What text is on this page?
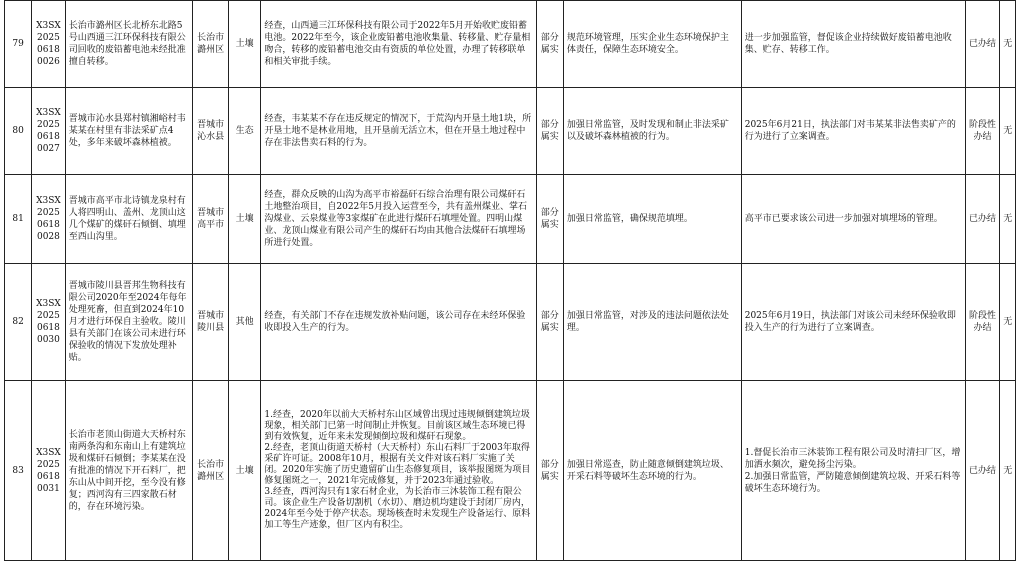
79	X3SX202506180026	长治市潞州区长北桥东北路5号山西通三江环保科技有限公司回收的废铅蓄电池未经批准擅自转移。	长治市潞州区	土壤	经查，山西通三江环保科技有限公司于2022年5月开始收贮废铅蓄电池。2022年至今，该企业废铅蓄电池收集量、转移量、贮存量相吻合，转移的废铅蓄电池交由有资质的单位处置，办理了转移联单和相关审批手续。	部分属实	规范环境管理，压实企业生态环境保护主体责任，保障生态环境安全。	进一步加强监管，督促该企业持续做好废铅蓄电池收集、贮存、转移工作。	已办结	无
80	X3SX202506180027	晋城市沁水县郑村镇湘峪村韦某某在村里有非法采矿点4处，多年来破坏森林植被。	晋城市沁水县	生态	经查，韦某某不存在违反规定的情况下，于荒沟内开垦土地1块，所开垦土地不是林业用地，且开垦前无活立木，但在开垦土地过程中存在非法售卖石料的行为。	部分属实	加强日常监管，及时发现和制止非法采矿以及破坏森林植被的行为。	2025年6月21日，执法部门对韦某某非法售卖矿产的行为进行了立案调查。	阶段性办结	无
81	X3SX202506180028	晋城市高平市北诗镇龙泉村有人将四明山、盖州、龙顶山这几个煤矿的煤矸石倾倒、填埋至西山沟里。	晋城市高平市	土壤	经查，群众反映的山沟为高平市裕磊矸石综合治理有限公司煤矸石土地整治项目，自2022年5月投入运营至今，共有盖州煤业、掌石沟煤业、云泉煤业等3家煤矿在此进行煤矸石填埋处置。四明山煤业、龙顶山煤业有限公司产生的煤矸石均由其他合法煤矸石填埋场所进行处置。	部分属实	加强日常监管，确保规范填埋。	高平市已要求该公司进一步加强对填埋场的管理。	已办结	无
82	X3SX202506180030	晋城市陵川县晋邦生物科技有限公司2020年至2024年每年处理死畜，但直到2024年10月才进行环保自主验收。陵川县有关部门在该公司未进行环保验收的情况下发放处理补贴。	晋城市陵川县	其他	经查，有关部门不存在违规发放补贴问题，该公司存在未经环保验收即投入生产的行为。	部分属实	加强日常监管，对涉及的违法问题依法处理。	2025年6月19日，执法部门对该公司未经环保验收即投入生产的行为进行了立案调查。	阶段性办结	无
83	X3SX202506180031	长治市老顶山街道大天桥村东南两条沟和东南山上有建筑垃圾和煤矸石倾倒；李某某在没有批准的情况下开石料厂，把东山从中间开挖，至今没有修复；西河沟有三四家散石材的，存在环境污染。	长治市潞州区	土壤	1.经查，2020年以前大天桥村东山区域曾出现过违规倾倒建筑垃圾现象，相关部门已第一时间制止并恢复。目前该区域生态环境已得到有效恢复，近年来未发现倾倒垃圾和煤矸石现象。
2.经查，老顶山街道天桥村（大天桥村）东山石料厂于2003年取得采矿许可证。2008年10月，根据有关文件对该石料厂实施了关闭。2020年实施了历史遗留矿山生态修复项目，该举报图斑为项目修复图斑之一，2021年完成修复，并于2023年通过验收。
3.经查，西河沟只有1家石材企业，为长治市三沐装饰工程有限公司。该企业生产设备切割机（水切）、磨边机均建设于封闭厂房内，2024年至今处于停产状态。现场核查时未发现生产设备运行、原料加工等生产迹象，但厂区内有积尘。	部分属实	加强日常巡查，防止随意倾倒建筑垃圾、开采石料等破坏生态环境的行为。	1.督促长治市三沐装饰工程有限公司及时清扫厂区，增加洒水频次，避免扬尘污染。
2.加强日常监管，严防随意倾倒建筑垃圾、开采石料等破坏生态环境行为。	已办结	无
